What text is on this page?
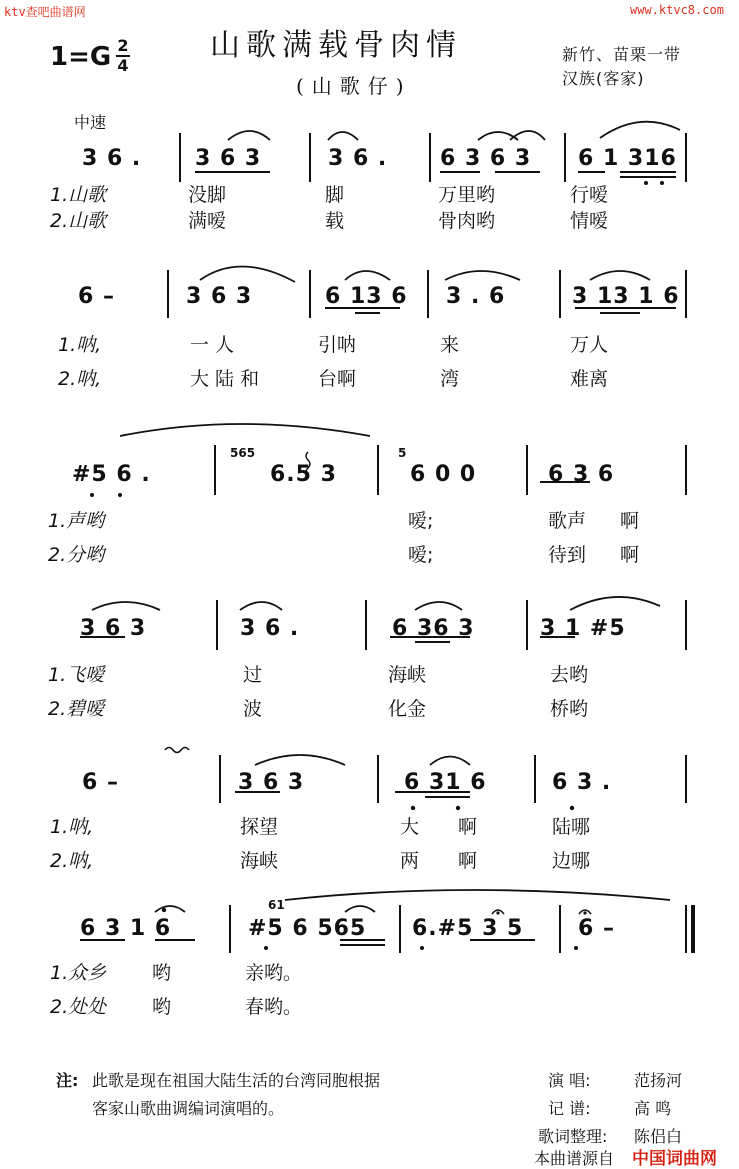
ktv查吧曲谱网	www.ktvc8.com
1=G 2
4
山歌满载骨肉情
(山歌仔)
新竹、苗栗一带
汉族(客家)
中速
3 6 . 3 6 3	3 6 . 6 3 6 3 6 1 316
1.山歌	没脚	脚	万里哟	行嗳
2.山歌	满嗳	载	骨肉哟	情嗳
6 –	3 6 3	6 13 6 3 . 6	3 13 1 6
1.呐,	一 人	引呐	来	万人
2.呐,	大 陆 和	台啊	湾	难离
565	5
#5 6 .	6.5 3	6 0 0	6 3 6
1.声哟	嗳;	歌声 啊
2.分哟	嗳;	待到 啊
3 6 3	3 6 .	6 36 3	3 1 #5
1.飞嗳	过	海峡	去哟
2.碧嗳	波	化金	桥哟
6 –	3 6 3	6 31 6	6 3 .
1.呐,	探望	大 啊	陆哪
2.呐,	海峡	两 啊	边哪
61
6 3 1 6	#5 6 565 6.#5 3 5 6 –
1.众乡 哟	亲哟。
2.处处 哟	春哟。
注: 此歌是现在祖国大陆生活的台湾同胞根据
客家山歌曲调编词演唱的。
演 唱:	范扬河
记 谱:	高 鸣
歌词整理: 陈侣白
本曲谱源自 中国词曲网
